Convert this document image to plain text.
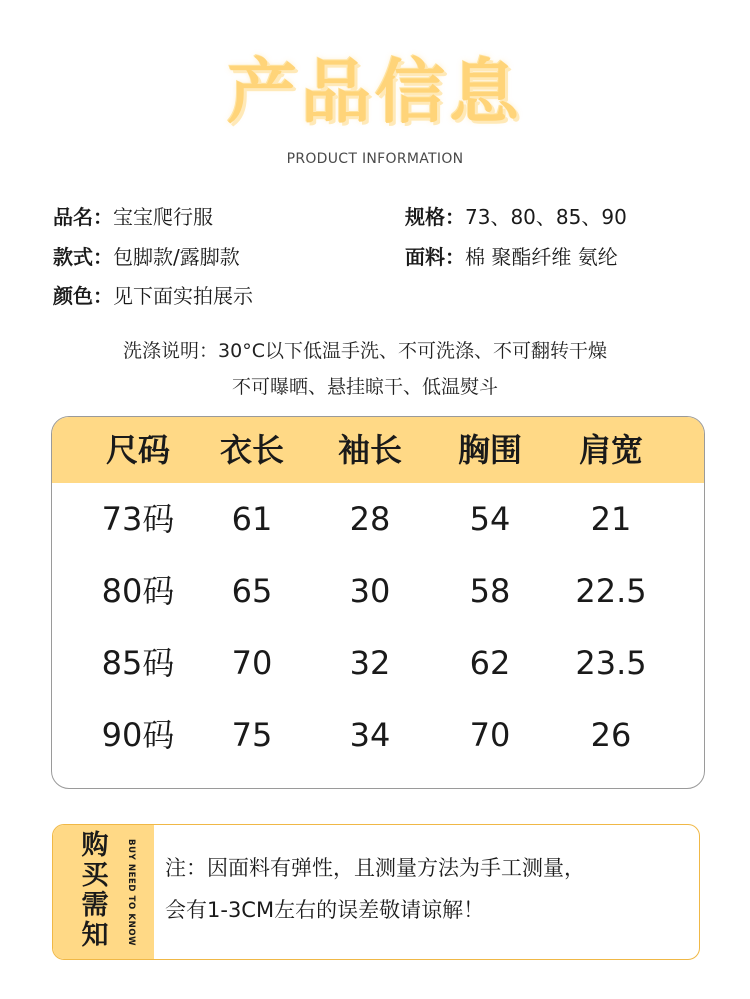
产品信息
PRODUCT INFORMATION
品名：宝宝爬行服	规格：73、80、85、90
款式：包脚款/露脚款	面料：棉 聚酯纤维 氨纶
颜色：见下面实拍展示
洗涤说明：30°C以下低温手洗、不可洗涤、不可翻转干燥
不可曝晒、悬挂晾干、低温熨斗
尺码	衣长	袖长	胸围	肩宽
73码	61	28	54	21
80码	65	30	58	22.5
85码	70	32	62	23.5
90码	75	34	70	26
购
买
需
知	BUY NEED TO KNOW	注：因面料有弹性，且测量方法为手工测量，
会有1-3CM左右的误差敬请谅解！
